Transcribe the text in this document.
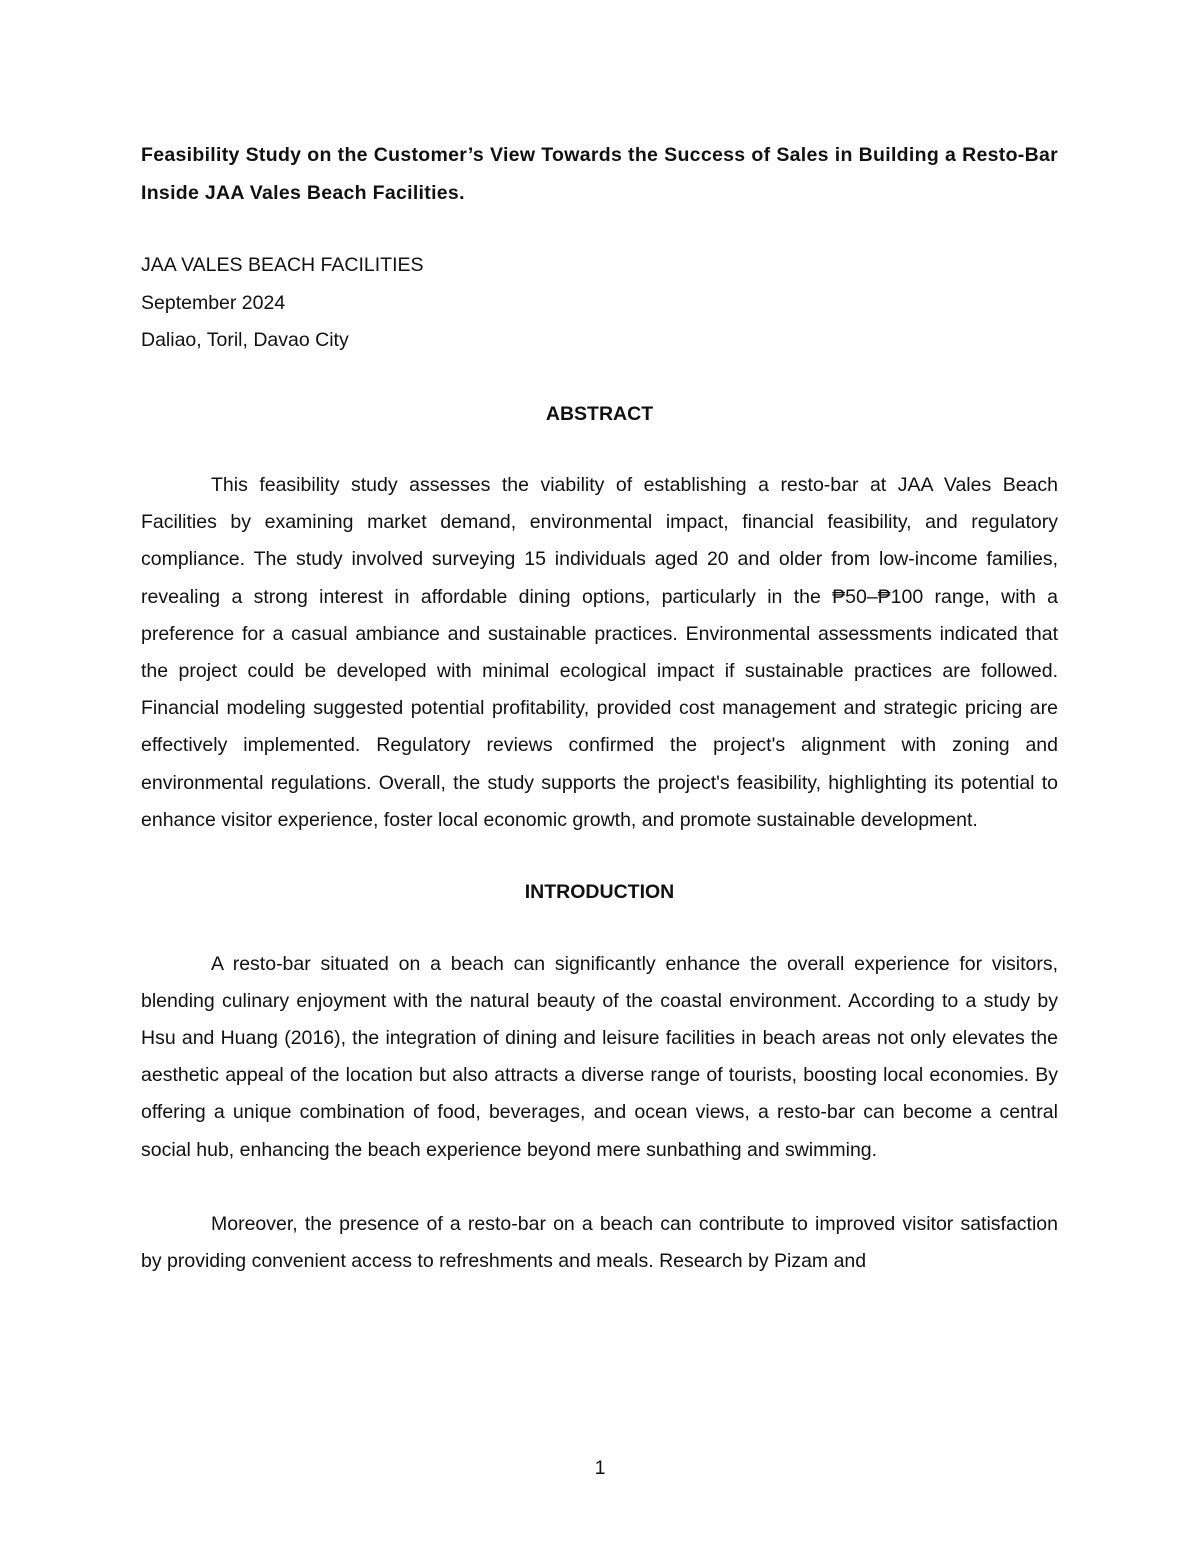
Feasibility Study on the Customer’s View Towards the Success of Sales in Building a Resto-Bar Inside JAA Vales Beach Facilities.

JAA VALES BEACH FACILITIES
September 2024
Daliao, Toril, Davao City
ABSTRACT

This feasibility study assesses the viability of establishing a resto-bar at JAA Vales Beach Facilities by examining market demand, environmental impact, financial feasibility, and regulatory compliance. The study involved surveying 15 individuals aged 20 and older from low-income families, revealing a strong interest in affordable dining options, particularly in the ₱50–₱100 range, with a preference for a casual ambiance and sustainable practices. Environmental assessments indicated that the project could be developed with minimal ecological impact if sustainable practices are followed. Financial modeling suggested potential profitability, provided cost management and strategic pricing are effectively implemented. Regulatory reviews confirmed the project's alignment with zoning and environmental regulations. Overall, the study supports the project's feasibility, highlighting its potential to enhance visitor experience, foster local economic growth, and promote sustainable development.

INTRODUCTION

A resto-bar situated on a beach can significantly enhance the overall experience for visitors, blending culinary enjoyment with the natural beauty of the coastal environment. According to a study by Hsu and Huang (2016), the integration of dining and leisure facilities in beach areas not only elevates the aesthetic appeal of the location but also attracts a diverse range of tourists, boosting local economies. By offering a unique combination of food, beverages, and ocean views, a resto-bar can become a central social hub, enhancing the beach experience beyond mere sunbathing and swimming.

Moreover, the presence of a resto-bar on a beach can contribute to improved visitor satisfaction by providing convenient access to refreshments and meals. Research by Pizam and

1
